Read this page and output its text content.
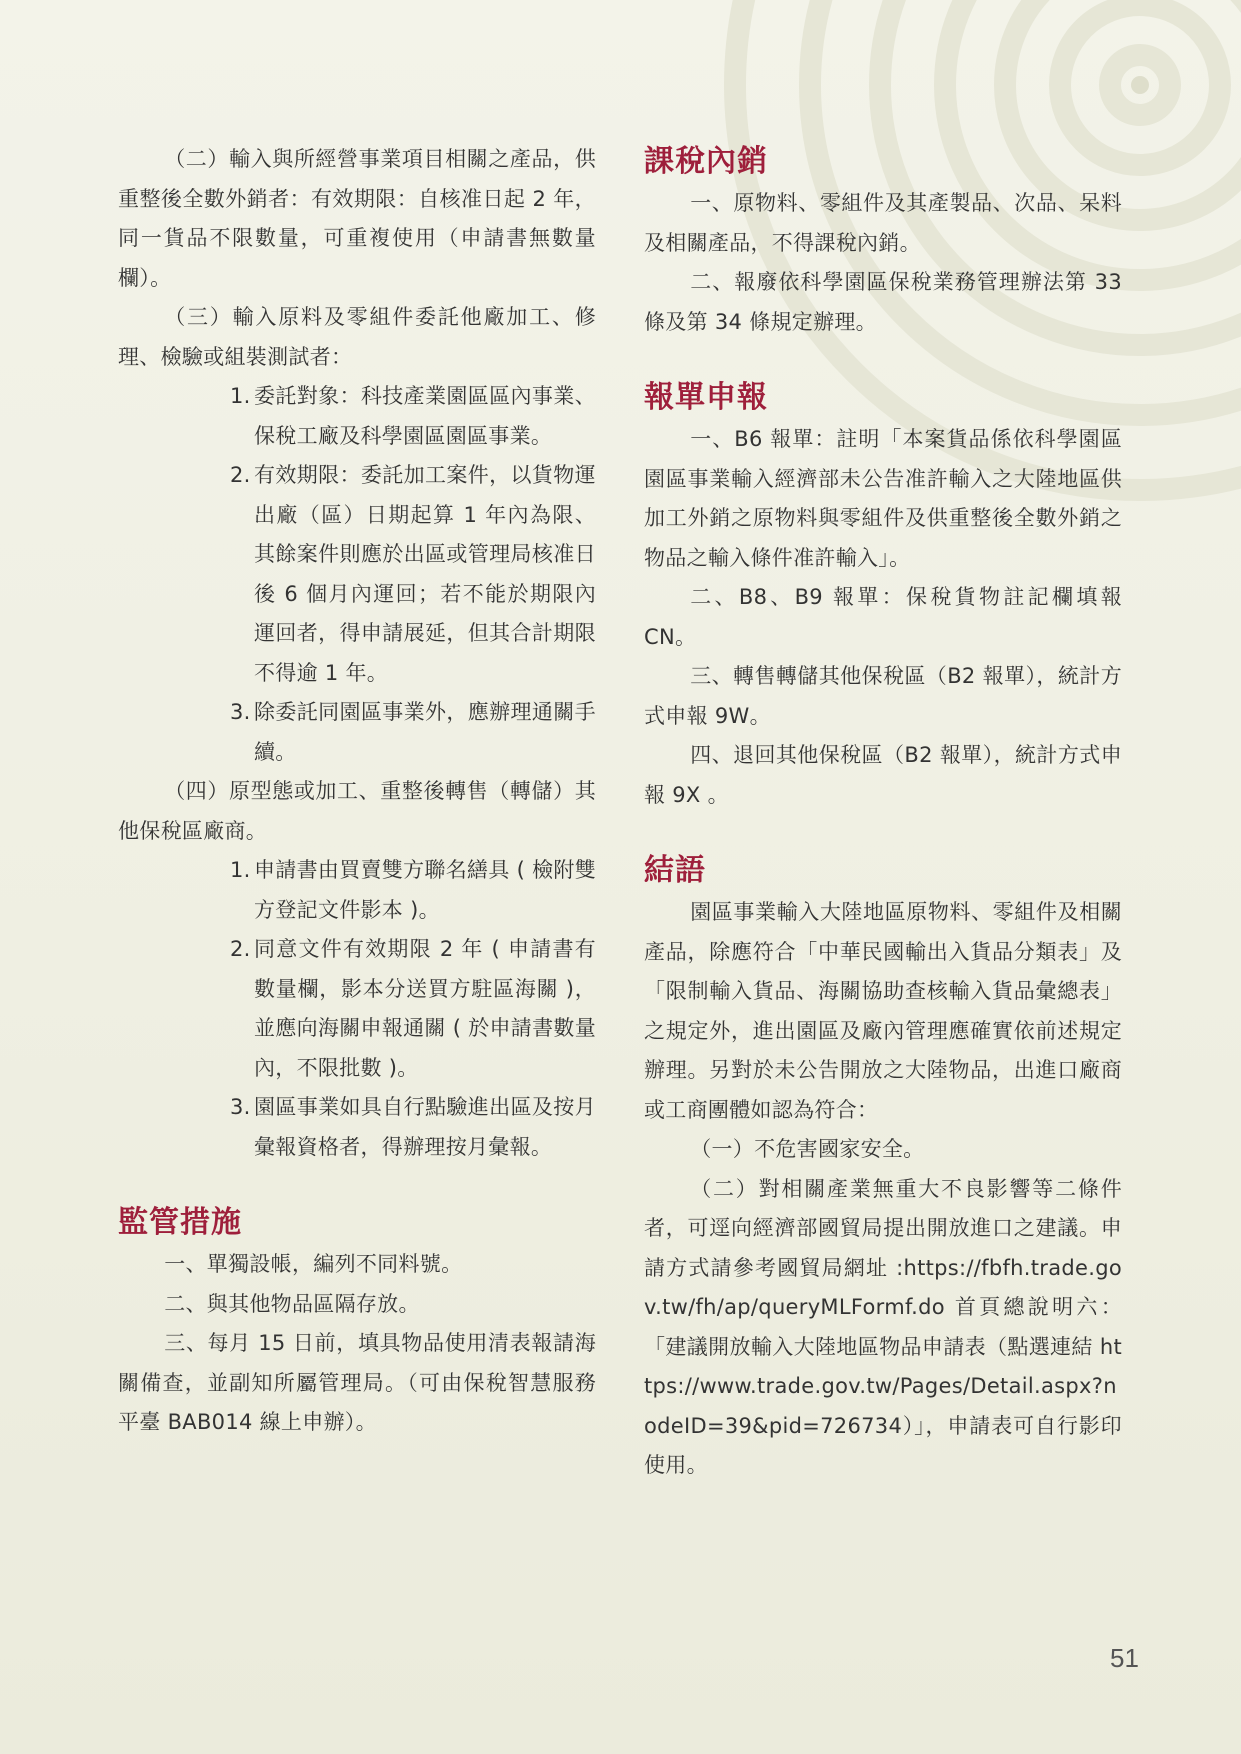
（二）輸入與所經營事業項目相關之產品，供重整後全數外銷者：有效期限：自核准日起 2 年，同一貨品不限數量，可重複使用（申請書無數量欄）。

（三）輸入原料及零組件委託他廠加工、修理、檢驗或組裝測試者：

1. 委託對象：科技產業園區區內事業、保稅工廠及科學園區園區事業。
2. 有效期限：委託加工案件，以貨物運出廠（區）日期起算 1 年內為限、其餘案件則應於出區或管理局核准日後 6 個月內運回；若不能於期限內運回者，得申請展延，但其合計期限不得逾 1 年。
3. 除委託同園區事業外，應辦理通關手續。

（四）原型態或加工、重整後轉售（轉儲）其他保稅區廠商。

1. 申請書由買賣雙方聯名繕具 ( 檢附雙方登記文件影本 )。
2. 同意文件有效期限 2 年 ( 申請書有數量欄，影本分送買方駐區海關 )，並應向海關申報通關 ( 於申請書數量內，不限批數 )。
3. 園區事業如具自行點驗進出區及按月彙報資格者，得辦理按月彙報。
監管措施

一、單獨設帳，編列不同料號。

二、與其他物品區隔存放。

三、每月 15 日前，填具物品使用清表報請海關備查，並副知所屬管理局。（可由保稅智慧服務平臺 BAB014 線上申辦）。

課稅內銷

一、原物料、零組件及其產製品、次品、呆料及相關產品，不得課稅內銷。

二、報廢依科學園區保稅業務管理辦法第 33 條及第 34 條規定辦理。

報單申報

一、B6 報單：註明「本案貨品係依科學園區園區事業輸入經濟部未公告准許輸入之大陸地區供加工外銷之原物料與零組件及供重整後全數外銷之物品之輸入條件准許輸入」。

二、B8、B9 報單：保稅貨物註記欄填報 CN。

三、轉售轉儲其他保稅區（B2 報單），統計方式申報 9W。

四、退回其他保稅區（B2 報單），統計方式申報 9X 。

結語

園區事業輸入大陸地區原物料、零組件及相關產品，除應符合「中華民國輸出入貨品分類表」及「限制輸入貨品、海關協助查核輸入貨品彙總表」之規定外，進出園區及廠內管理應確實依前述規定辦理。另對於未公告開放之大陸物品，出進口廠商或工商團體如認為符合：

（一）不危害國家安全。

（二）對相關產業無重大不良影響等二條件者，可逕向經濟部國貿局提出開放進口之建議。申請方式請參考國貿局網址 :https://fbfh.trade.gov.tw/fh/ap/queryMLFormf.do 首頁總說明六：「建議開放輸入大陸地區物品申請表（點選連結 https://www.trade.gov.tw/Pages/Detail.aspx?nodeID=39&pid=726734）」，申請表可自行影印使用。

51
